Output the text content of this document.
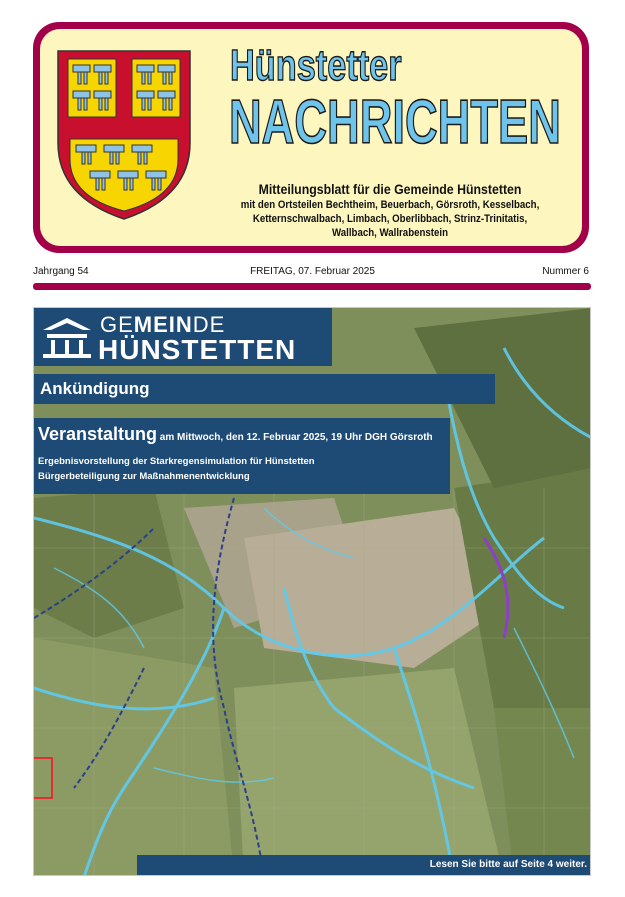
Hünstetter
NACHRICHTEN
Mitteilungsblatt für die Gemeinde Hünstetten
mit den Ortsteilen Bechtheim, Beuerbach, Görsroth, Kesselbach,
Ketternschwalbach, Limbach, Oberlibbach, Strinz-Trinitatis,
Wallbach, Wallrabenstein
Jahrgang 54	FREITAG, 07. Februar 2025	Nummer 6
GEMEINDE
HÜNSTETTEN
Ankündigung
Veranstaltung am Mittwoch, den 12. Februar 2025, 19 Uhr DGH Görsroth
Ergebnisvorstellung der Starkregensimulation für Hünstetten
Bürgerbeteiligung zur Maßnahmenentwicklung
Lesen Sie bitte auf Seite 4 weiter.
